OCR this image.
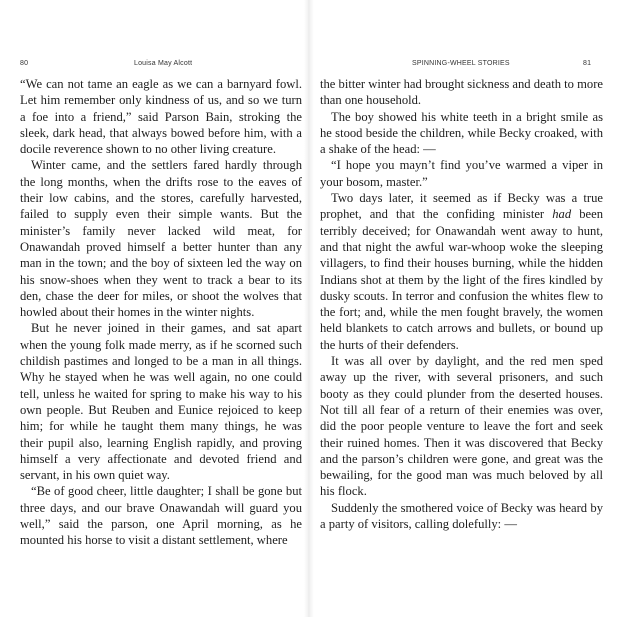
80	Louisa May Alcott	SPINNING-WHEEL STORIES	81

“We can not tame an eagle as we can a barnyard fowl. Let him remember only kindness of us, and so we turn a foe into a friend,” said Parson Bain, stroking the sleek, dark head, that always bowed before him, with a docile reverence shown to no other living creature.

Winter came, and the settlers fared hardly through the long months, when the drifts rose to the eaves of their low cabins, and the stores, carefully harvested, failed to supply even their simple wants. But the minister’s family never lacked wild meat, for Onawandah proved himself a better hunter than any man in the town; and the boy of sixteen led the way on his snow-shoes when they went to track a bear to its den, chase the deer for miles, or shoot the wolves that howled about their homes in the winter nights.

But he never joined in their games, and sat apart when the young folk made merry, as if he scorned such childish pastimes and longed to be a man in all things. Why he stayed when he was well again, no one could tell, unless he waited for spring to make his way to his own people. But Reuben and Eunice rejoiced to keep him; for while he taught them many things, he was their pupil also, learning English rapidly, and proving himself a very affectionate and devoted friend and servant, in his own quiet way.

“Be of good cheer, little daughter; I shall be gone but three days, and our brave Onawandah will guard you well,” said the parson, one April morning, as he mounted his horse to visit a distant settlement, where

the bitter winter had brought sickness and death to more than one household.

The boy showed his white teeth in a bright smile as he stood beside the children, while Becky croaked, with a shake of the head: —

“I hope you mayn’t find you’ve warmed a viper in your bosom, master.”

Two days later, it seemed as if Becky was a true prophet, and that the confiding minister had been terribly deceived; for Onawandah went away to hunt, and that night the awful war-whoop woke the sleeping villagers, to find their houses burning, while the hidden Indians shot at them by the light of the fires kindled by dusky scouts. In terror and confusion the whites flew to the fort; and, while the men fought bravely, the women held blankets to catch arrows and bullets, or bound up the hurts of their defenders.

It was all over by daylight, and the red men sped away up the river, with several prisoners, and such booty as they could plunder from the deserted houses. Not till all fear of a return of their enemies was over, did the poor people venture to leave the fort and seek their ruined homes. Then it was discovered that Becky and the parson’s children were gone, and great was the bewailing, for the good man was much beloved by all his flock.

Suddenly the smothered voice of Becky was heard by a party of visitors, calling dolefully: —
